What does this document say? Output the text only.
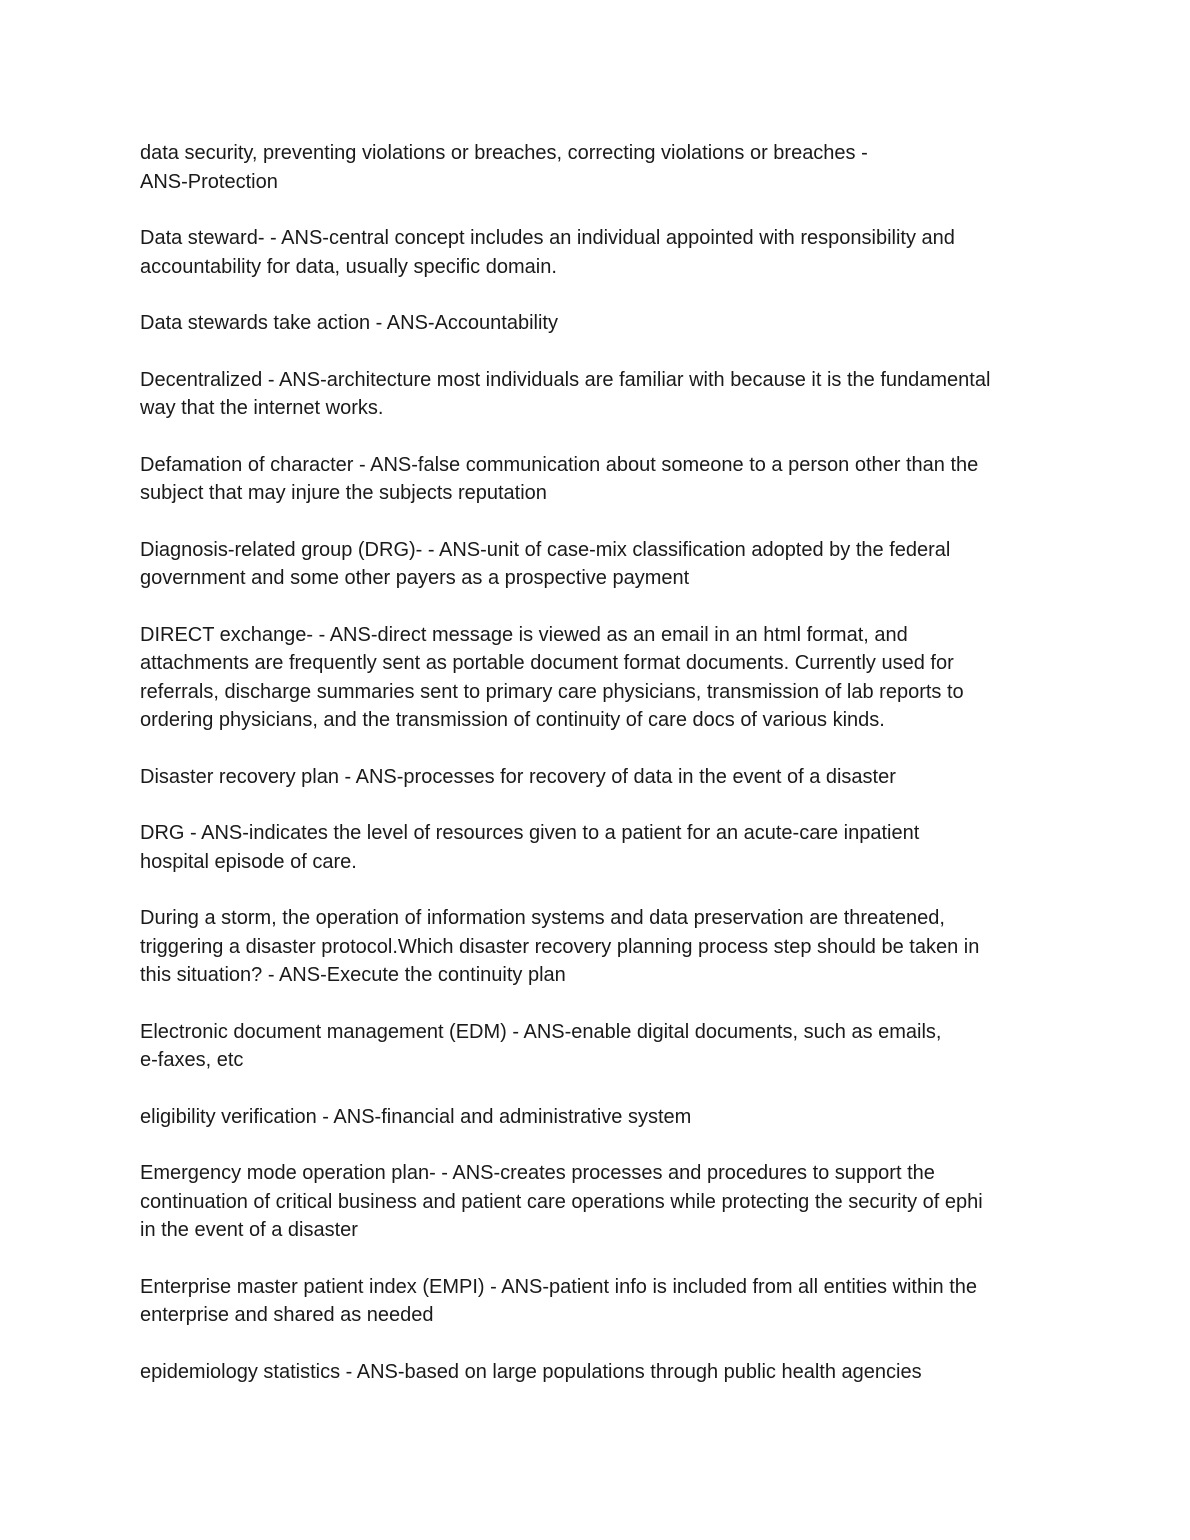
data security, preventing violations or breaches, correcting violations or breaches -
ANS-Protection

Data steward- - ANS-central concept includes an individual appointed with responsibility and
accountability for data, usually specific domain.

Data stewards take action - ANS-Accountability

Decentralized - ANS-architecture most individuals are familiar with because it is the fundamental
way that the internet works.

Defamation of character - ANS-false communication about someone to a person other than the
subject that may injure the subjects reputation

Diagnosis-related group (DRG)- - ANS-unit of case-mix classification adopted by the federal
government and some other payers as a prospective payment

DIRECT exchange- - ANS-direct message is viewed as an email in an html format, and
attachments are frequently sent as portable document format documents. Currently used for
referrals, discharge summaries sent to primary care physicians, transmission of lab reports to
ordering physicians, and the transmission of continuity of care docs of various kinds.

Disaster recovery plan - ANS-processes for recovery of data in the event of a disaster

DRG - ANS-indicates the level of resources given to a patient for an acute-care inpatient
hospital episode of care.

During a storm, the operation of information systems and data preservation are threatened,
triggering a disaster protocol.Which disaster recovery planning process step should be taken in
this situation? - ANS-Execute the continuity plan

Electronic document management (EDM) - ANS-enable digital documents, such as emails,
e-faxes, etc

eligibility verification - ANS-financial and administrative system

Emergency mode operation plan- - ANS-creates processes and procedures to support the
continuation of critical business and patient care operations while protecting the security of ephi
in the event of a disaster

Enterprise master patient index (EMPI) - ANS-patient info is included from all entities within the
enterprise and shared as needed

epidemiology statistics - ANS-based on large populations through public health agencies
